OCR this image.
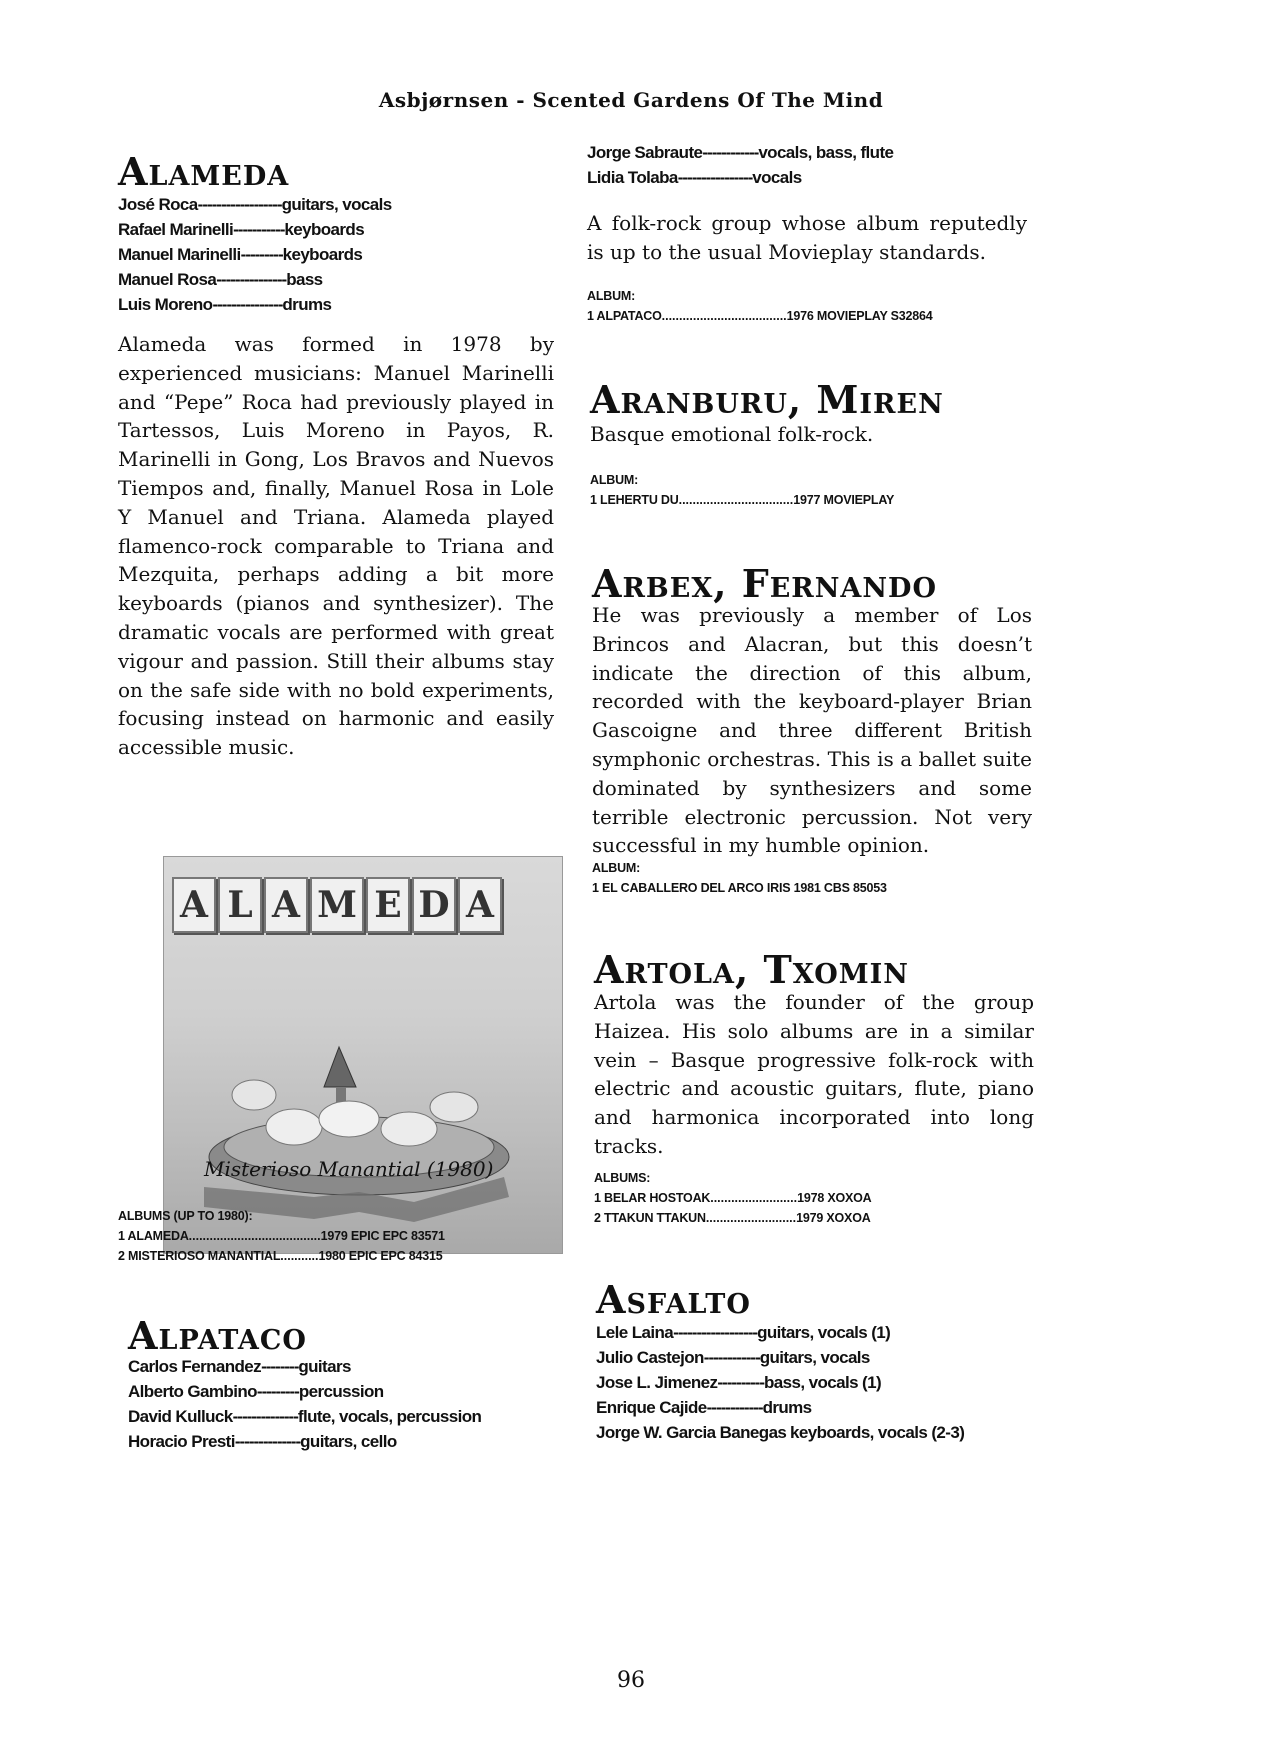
Asbjørnsen - Scented Gardens Of The Mind
Alameda
José Roca------------------guitars, vocals
Rafael Marinelli-----------keyboards
Manuel Marinelli---------keyboards
Manuel Rosa---------------bass
Luis Moreno---------------drums
Alameda was formed in 1978 by experienced musicians: Manuel Marinelli and “Pepe” Roca had previously played in Tartessos, Luis Moreno in Payos, R. Marinelli in Gong, Los Bravos and Nuevos Tiempos and, finally, Manuel Rosa in Lole Y Manuel and Triana. Alameda played flamenco-rock comparable to Triana and Mezquita, perhaps adding a bit more keyboards (pianos and synthesizer). The dramatic vocals are performed with great vigour and passion. Still their albums stay on the safe side with no bold experiments, focusing instead on harmonic and easily accessible music.
A L A M E D A
Misterioso Manantial (1980)
ALBUMS (UP TO 1980):
1 ALAMEDA......................................1979 EPIC EPC 83571
2 MISTERIOSO MANANTIAL...........1980 EPIC EPC 84315
Alpataco
Carlos Fernandez--------guitars
Alberto Gambino---------percussion
David Kulluck--------------flute, vocals, percussion
Horacio Presti--------------guitars, cello
Jorge Sabraute------------vocals, bass, flute
Lidia Tolaba----------------vocals
A folk-rock group whose album reputedly is up to the usual Movieplay standards.
ALBUM:
1 ALPATACO....................................1976 MOVIEPLAY S32864
Aranburu, Miren
Basque emotional folk-rock.
ALBUM:
1 LEHERTU DU.................................1977 MOVIEPLAY
Arbex, Fernando
He was previously a member of Los Brincos and Alacran, but this doesn’t indicate the direction of this album, recorded with the keyboard-player Brian Gascoigne and three different British symphonic orchestras. This is a ballet suite dominated by synthesizers and some terrible electronic percussion. Not very successful in my humble opinion.
ALBUM:
1 EL CABALLERO DEL ARCO IRIS 1981 CBS 85053
Artola, Txomin
Artola was the founder of the group Haizea. His solo albums are in a similar vein – Basque progressive folk-rock with electric and acoustic guitars, flute, piano and harmonica incorporated into long tracks.
ALBUMS:
1 BELAR HOSTOAK.........................1978 XOXOA
2 TTAKUN TTAKUN..........................1979 XOXOA
Asfalto
Lele Laina------------------guitars, vocals (1)
Julio Castejon------------guitars, vocals
Jose L. Jimenez----------bass, vocals (1)
Enrique Cajide------------drums
Jorge W. Garcia Banegas keyboards, vocals (2-3)
96
